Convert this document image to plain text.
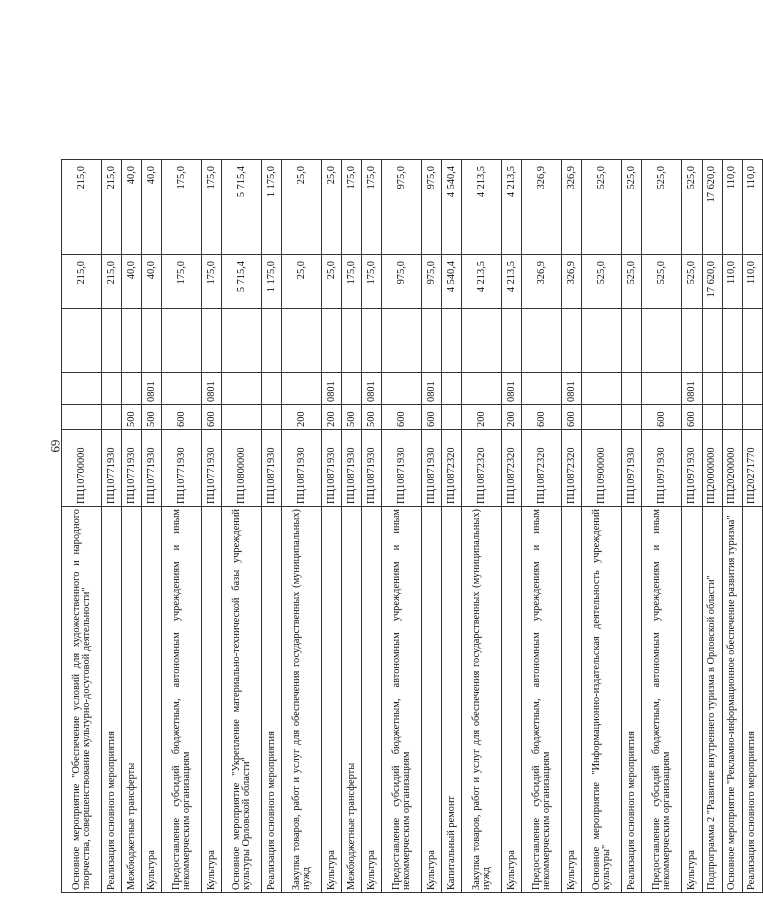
69
Основное мероприятие "Обеспечение условий для художественного и народного творчества, совершенствование культурно-досуговой деятельности"	ПЦ10700000				215,0	215,0
Реализация основного мероприятия	ПЦ10771930				215,0	215,0
Межбюджетные трансферты	ПЦ10771930	500			40,0	40,0
Культура	ПЦ10771930	500	0801		40,0	40,0
Предоставление субсидий бюджетным, автономным учреждениям и иным некоммерческим организациям	ПЦ10771930	600			175,0	175,0
Культура	ПЦ10771930	600	0801		175,0	175,0
Основное мероприятие "Укрепление материально-технической базы учреждений культуры Орловской области"	ПЦ10800000				5 715,4	5 715,4
Реализация основного мероприятия	ПЦ10871930				1 175,0	1 175,0
Закупка товаров, работ и услуг для обеспечения государственных (муниципальных) нужд	ПЦ10871930	200			25,0	25,0
Культура	ПЦ10871930	200	0801		25,0	25,0
Межбюджетные трансферты	ПЦ10871930	500			175,0	175,0
Культура	ПЦ10871930	500	0801		175,0	175,0
Предоставление субсидий бюджетным, автономным учреждениям и иным некоммерческим организациям	ПЦ10871930	600			975,0	975,0
Культура	ПЦ10871930	600	0801		975,0	975,0
Капитальный ремонт	ПЦ10872320				4 540,4	4 540,4
Закупка товаров, работ и услуг для обеспечения государственных (муниципальных) нужд	ПЦ10872320	200			4 213,5	4 213,5
Культура	ПЦ10872320	200	0801		4 213,5	4 213,5
Предоставление субсидий бюджетным, автономным учреждениям и иным некоммерческим организациям	ПЦ10872320	600			326,9	326,9
Культура	ПЦ10872320	600	0801		326,9	326,9
Основное мероприятие "Информационно-издательская деятельность учреждений культуры"	ПЦ10900000				525,0	525,0
Реализация основного мероприятия	ПЦ10971930				525,0	525,0
Предоставление субсидий бюджетным, автономным учреждениям и иным некоммерческим организациям	ПЦ10971930	600			525,0	525,0
Культура	ПЦ10971930	600	0801		525,0	525,0
Подпрограмма 2 "Развитие внутреннего туризма в Орловской области"	ПЦ20000000				17 620,0	17 620,0
Основное мероприятие "Рекламно-информационное обеспечение развития туризма"	ПЦ20200000				110,0	110,0
Реализация основного мероприятия	ПЦ20271770				110,0	110,0
